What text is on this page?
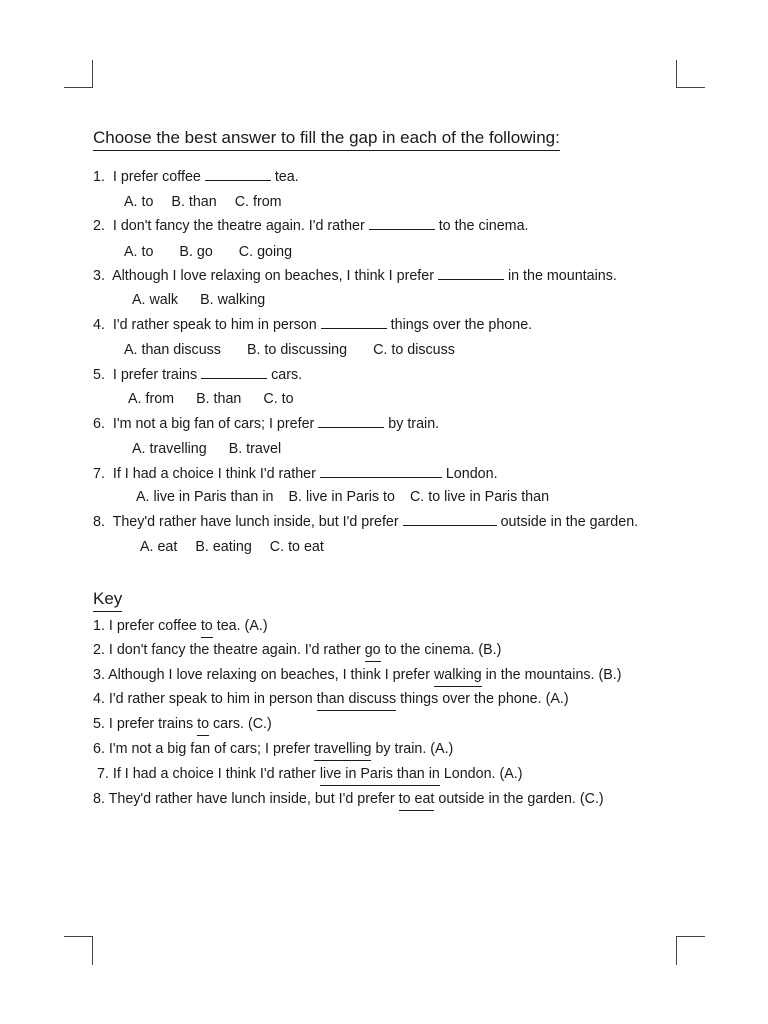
Choose the best answer to fill the gap in each of the following:
1. I prefer coffee	tea.
A. to B. than C. from
2. I don't fancy the theatre again. I'd rather	to the cinema.
A. to B. go C. going
3. Although I love relaxing on beaches, I think I prefer	in the mountains.
A. walk B. walking
4. I'd rather speak to him in person	things over the phone.
A. than discuss B. to discussing C. to discuss
5. I prefer trains	cars.
A. from B. than C. to
6. I'm not a big fan of cars; I prefer	by train.
A. travelling B. travel
7. If I had a choice I think I'd rather	London.
A. live in Paris than in B. live in Paris to C. to live in Paris than
8. They'd rather have lunch inside, but I'd prefer	outside in the garden.
A. eat B. eating C. to eat
Key
1. I prefer coffee to tea. (A.)
2. I don't fancy the theatre again. I'd rather go to the cinema. (B.)
3. Although I love relaxing on beaches, I think I prefer walking in the mountains. (B.)
4. I'd rather speak to him in person than discuss things over the phone. (A.)
5. I prefer trains to cars. (C.)
6. I'm not a big fan of cars; I prefer travelling by train. (A.)
7. If I had a choice I think I'd rather live in Paris than in London. (A.)
8. They'd rather have lunch inside, but I'd prefer to eat outside in the garden. (C.)
